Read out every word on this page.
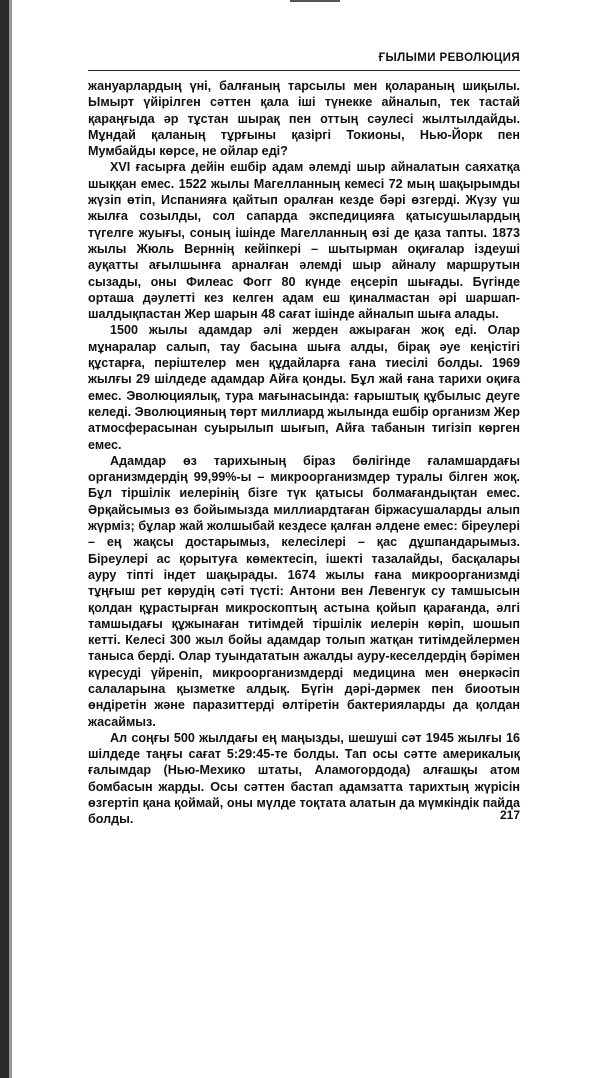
ҒЫЛЫМИ РЕВОЛЮЦИЯ

жануарлардың үні, балғаның тарсылы мен қолараның шиқылы. Ымырт үйірілген сәттен қала іші түнекке айналып, тек тастай қараңғыда әр тұстан шырақ пен оттың сәулесі жылтылдайды. Мұндай қаланың тұрғыны қазіргі Токионы, Нью-Йорк пен Мумбайды көрсе, не ойлар еді?

XVI ғасырға дейін ешбір адам әлемді шыр айналатын саяхатқа шыққан емес. 1522 жылы Магелланның кемесі 72 мың шақырымды жүзіп өтіп, Испанияға қайтып оралған кезде бәрі өзгерді. Жүзу үш жылға созылды, сол сапарда экспедицияға қатысушылардың түгелге жуығы, соның ішінде Магелланның өзі де қаза тапты. 1873 жылы Жюль Верннің кейіпкері – шытырман оқиғалар іздеуші ауқатты ағылшынға арналған әлемді шыр айналу маршрутын сызады, оны Филеас Фогг 80 күнде еңсеріп шығады. Бүгінде орташа дәулетті кез келген адам еш қиналмастан әрі шаршап-шалдықпастан Жер шарын 48 сағат ішінде айналып шыға алады.

1500 жылы адамдар әлі жерден ажыраған жоқ еді. Олар мұнаралар салып, тау басына шыға алды, бірақ әуе кеңістігі құстарға, періштелер мен құдайларға ғана тиесілі болды. 1969 жылғы 29 шілдеде адамдар Айға қонды. Бұл жай ғана тарихи оқиға емес. Эволюциялық, тура мағынасында: ғарыштық құбылыс деуге келеді. Эволюцияның төрт миллиард жылында ешбір организм Жер атмосферасынан суырылып шығып, Айға табанын тигізіп көрген емес.

Адамдар өз тарихының біраз бөлігінде ғаламшардағы организмдердің 99,99%-ы – микроорганизмдер туралы білген жоқ. Бұл тіршілік иелерінің бізге түк қатысы болмағандықтан емес. Әрқайсымыз өз бойымызда миллиардтаған біржасушаларды алып жүрміз; бұлар жай жолшыбай кездесе қалған әлдене емес: біреулері – ең жақсы достарымыз, келесілері – қас дұшпандарымыз. Біреулері ас қорытуға көмектесіп, ішекті тазалайды, басқалары ауру тіпті індет шақырады. 1674 жылы ғана микроорганизмді тұңғыш рет көрудің сәті түсті: Антони вен Левенгук су тамшысын қолдан құрастырған микроскоптың астына қойып қарағанда, әлгі тамшыдағы құжынаған титімдей тіршілік иелерін көріп, шошып кетті. Келесі 300 жыл бойы адамдар толып жатқан титімдейлермен таныса берді. Олар туындататын ажалды ауру-кеселдердің бәрімен күресуді үйреніп, микроорганизмдерді медицина мен өнеркәсіп салаларына қызметке алдық. Бүгін дәрі-дәрмек пен биоотын өндіретін және паразиттерді өлтіретін бактерияларды да қолдан жасаймыз.

Ал соңғы 500 жылдағы ең маңызды, шешуші сәт 1945 жылғы 16 шілдеде таңғы сағат 5:29:45-те болды. Тап осы сәтте америкалық ғалымдар (Нью-Мехико штаты, Аламогордода) алғашқы атом бомбасын жарды. Осы сәттен бастап адамзатта тарихтың жүрісін өзгертіп қана қоймай, оны мүлде тоқтата алатын да мүмкіндік пайда болды.	217
